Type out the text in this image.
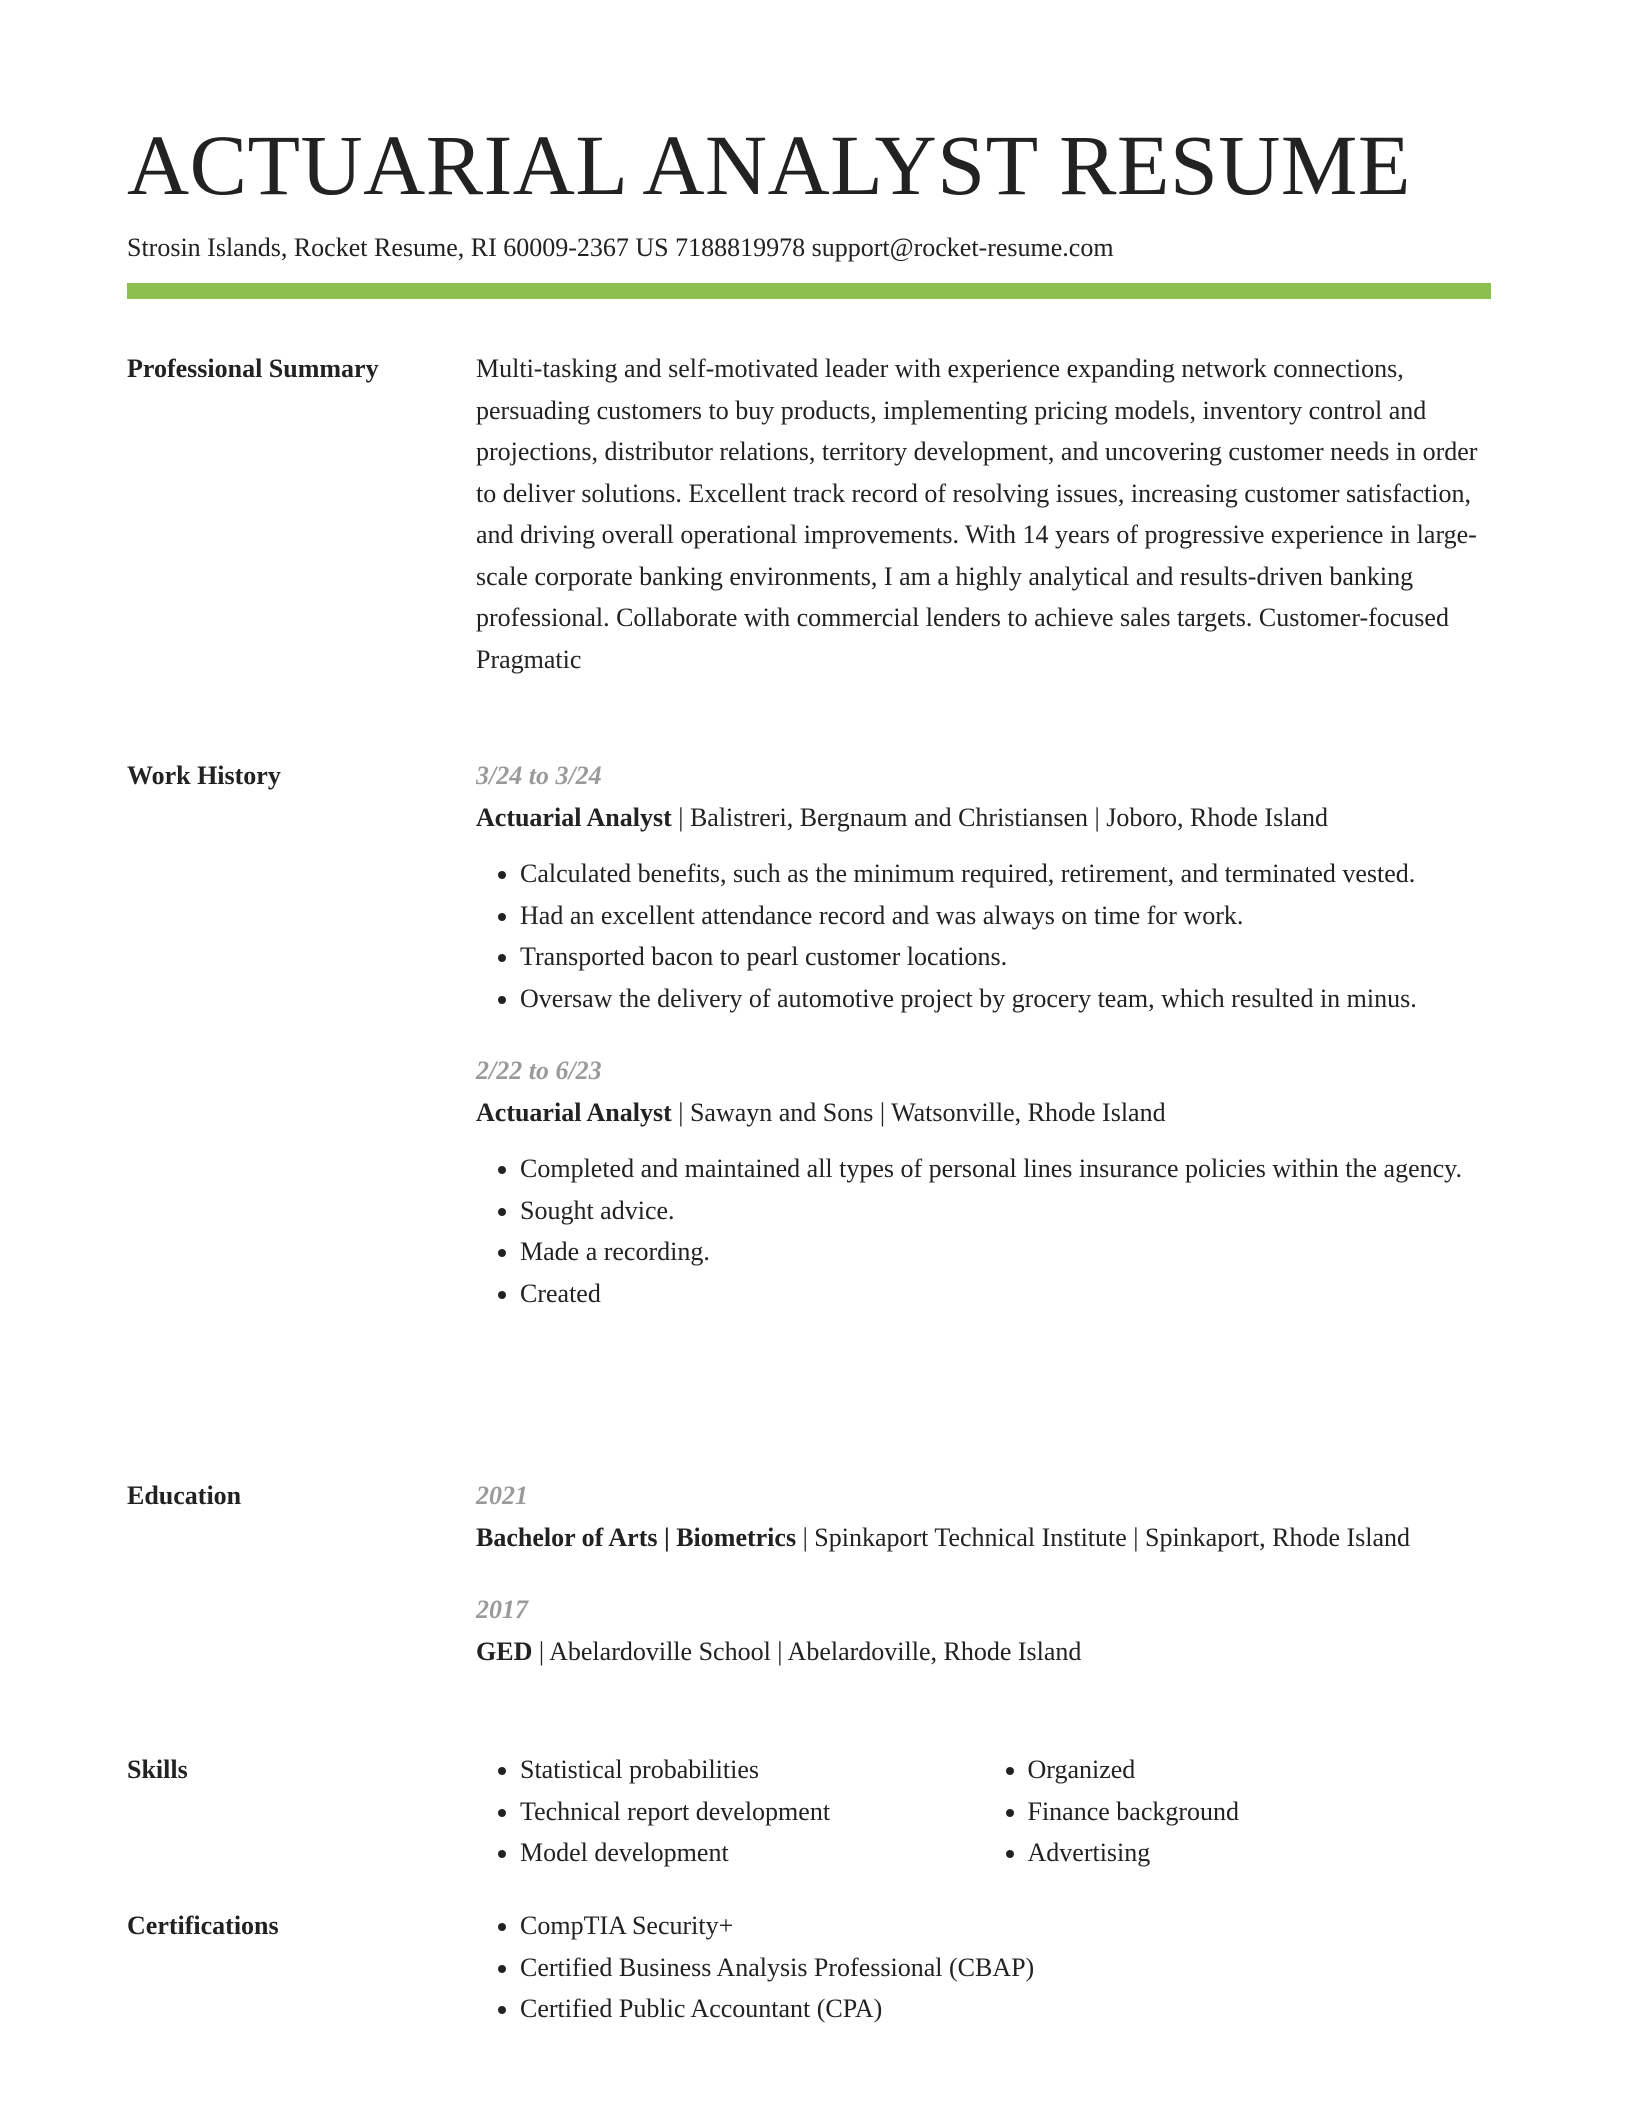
ACTUARIAL ANALYST RESUME
Strosin Islands, Rocket Resume, RI 60009-2367 US 7188819978 support@rocket-resume.com
Professional Summary	Multi-tasking and self-motivated leader with experience expanding network connections, persuading customers to buy products, implementing pricing models, inventory control and projections, distributor relations, territory development, and uncovering customer needs in order to deliver solutions. Excellent track record of resolving issues, increasing customer satisfaction, and driving overall operational improvements. With 14 years of progressive experience in large-scale corporate banking environments, I am a highly analytical and results-driven banking professional. Collaborate with commercial lenders to achieve sales targets. Customer-focused Pragmatic

Work History	3/24 to 3/24

Actuarial Analyst | Balistreri, Bergnaum and Christiansen | Joboro, Rhode Island

• Calculated benefits, such as the minimum required, retirement, and terminated vested.
• Had an excellent attendance record and was always on time for work.
• Transported bacon to pearl customer locations.
• Oversaw the delivery of automotive project by grocery team, which resulted in minus.
2/22 to 6/23

Actuarial Analyst | Sawayn and Sons | Watsonville, Rhode Island

• Completed and maintained all types of personal lines insurance policies within the agency.
• Sought advice.
• Made a recording.
• Created
Education	2021

Bachelor of Arts | Biometrics | Spinkaport Technical Institute | Spinkaport, Rhode Island

2017

GED | Abelardoville School | Abelardoville, Rhode Island

Skills	• Statistical probabilities
• Technical report development
• Model development
• Organized
• Finance background
• Advertising
Certifications	• CompTIA Security+
• Certified Business Analysis Professional (CBAP)
• Certified Public Accountant (CPA)
